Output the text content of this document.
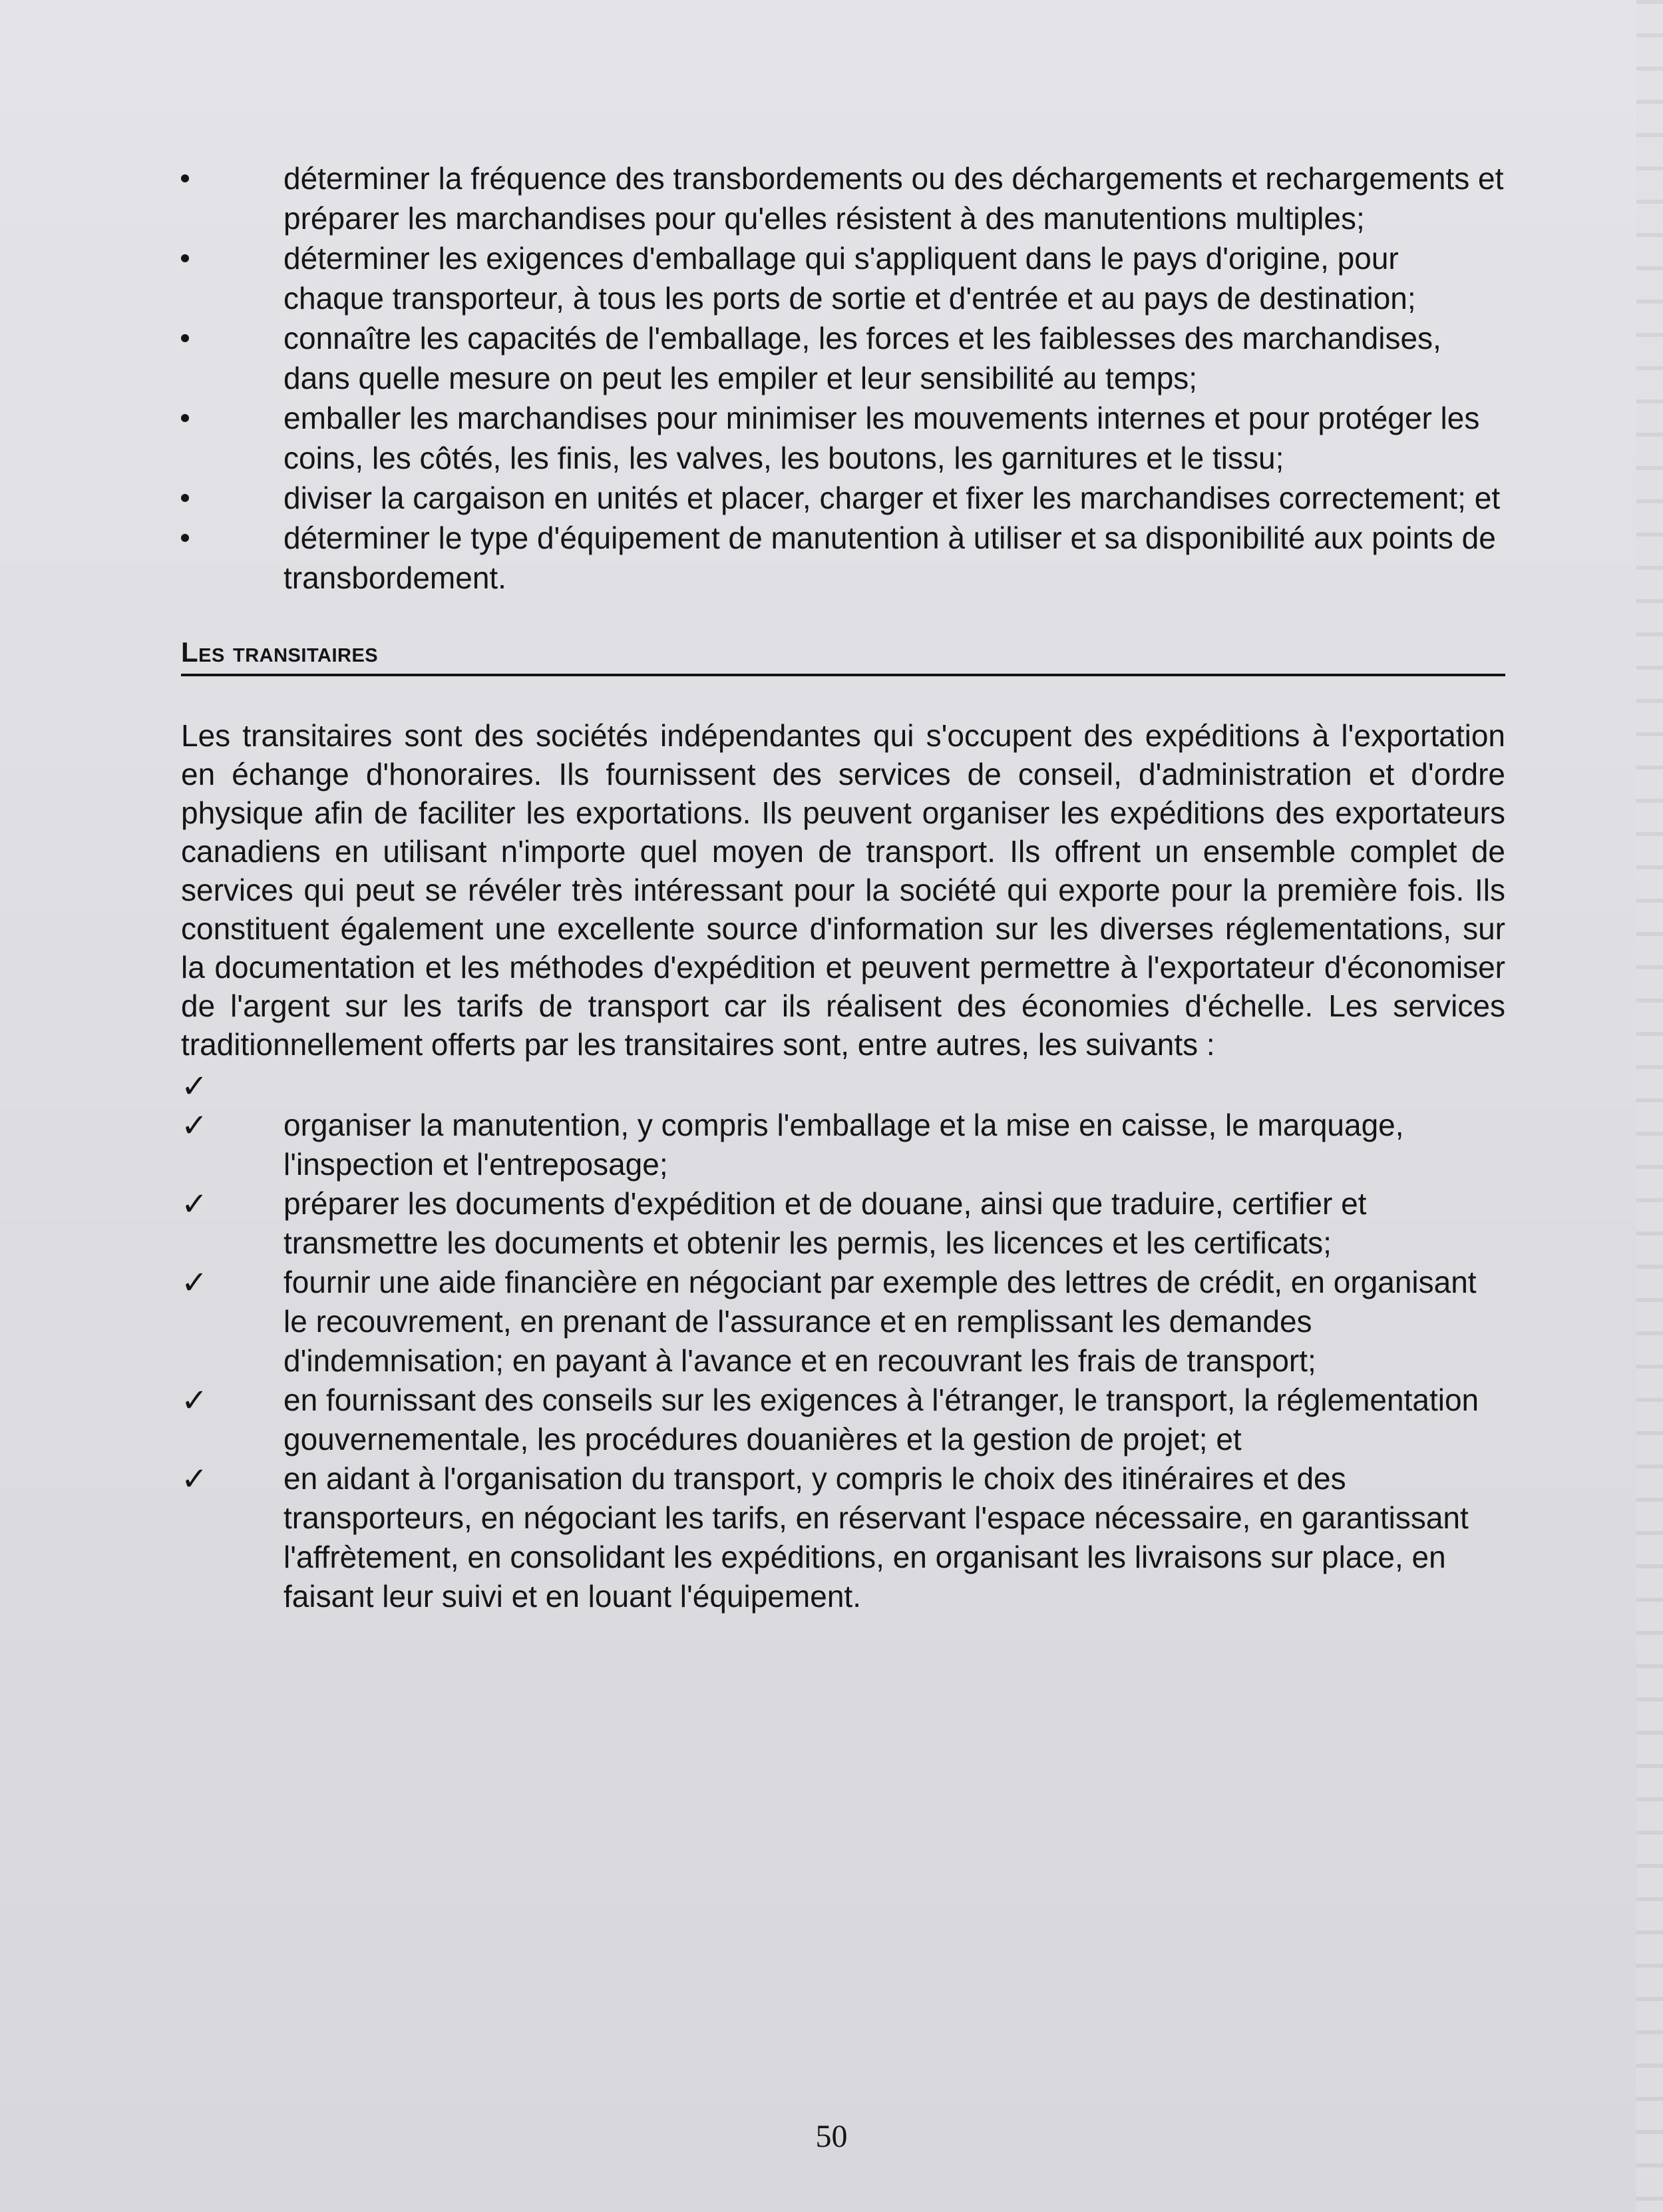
déterminer la fréquence des transbordements ou des déchargements et rechargements et préparer les marchandises pour qu'elles résistent à des manutentions multiples;
déterminer les exigences d'emballage qui s'appliquent dans le pays d'origine, pour chaque transporteur, à tous les ports de sortie et d'entrée et au pays de destination;
connaître les capacités de l'emballage, les forces et les faiblesses des marchandises, dans quelle mesure on peut les empiler et leur sensibilité au temps;
emballer les marchandises pour minimiser les mouvements internes et pour protéger les coins, les côtés, les finis, les valves, les boutons, les garnitures et le tissu;
diviser la cargaison en unités et placer, charger et fixer les marchandises correctement; et
déterminer le type d'équipement de manutention à utiliser et sa disponibilité aux points de transbordement.
Les transitaires

Les transitaires sont des sociétés indépendantes qui s'occupent des expéditions à l'exportation en échange d'honoraires. Ils fournissent des services de conseil, d'administration et d'ordre physique afin de faciliter les exportations. Ils peuvent organiser les expéditions des exportateurs canadiens en utilisant n'importe quel moyen de transport. Ils offrent un ensemble complet de services qui peut se révéler très intéressant pour la société qui exporte pour la première fois. Ils constituent également une excellente source d'information sur les diverses réglementations, sur la documentation et les méthodes d'expédition et peuvent permettre à l'exportateur d'économiser de l'argent sur les tarifs de transport car ils réalisent des économies d'échelle. Les services traditionnellement offerts par les transitaires sont, entre autres, les suivants :

✓
✓ organiser la manutention, y compris l'emballage et la mise en caisse, le marquage, l'inspection et l'entreposage;
✓ préparer les documents d'expédition et de douane, ainsi que traduire, certifier et transmettre les documents et obtenir les permis, les licences et les certificats;
✓ fournir une aide financière en négociant par exemple des lettres de crédit, en organisant le recouvrement, en prenant de l'assurance et en remplissant les demandes d'indemnisation; en payant à l'avance et en recouvrant les frais de transport;
✓ en fournissant des conseils sur les exigences à l'étranger, le transport, la réglementation gouvernementale, les procédures douanières et la gestion de projet; et
✓ en aidant à l'organisation du transport, y compris le choix des itinéraires et des transporteurs, en négociant les tarifs, en réservant l'espace nécessaire, en garantissant l'affrètement, en consolidant les expéditions, en organisant les livraisons sur place, en faisant leur suivi et en louant l'équipement.
50
